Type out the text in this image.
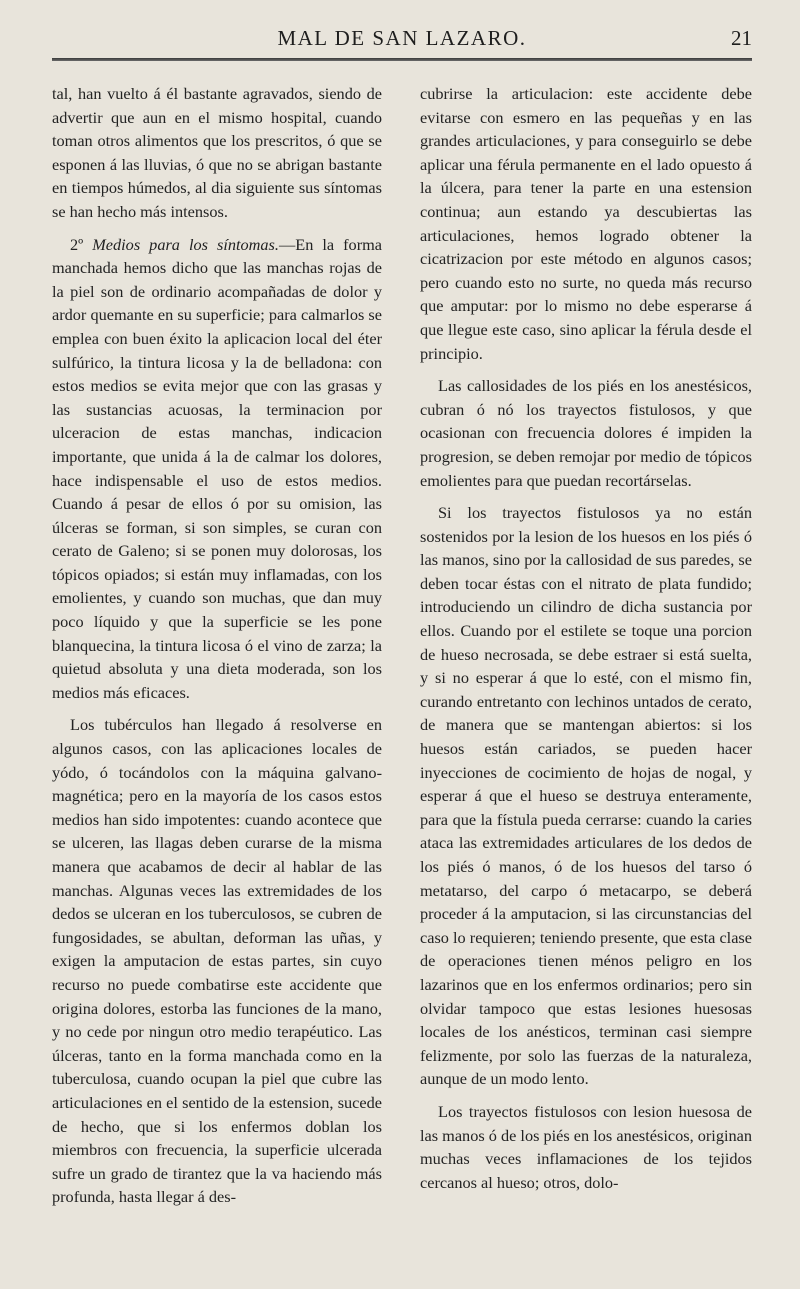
MAL DE SAN LAZARO.	21

tal, han vuelto á él bastante agravados, siendo de advertir que aun en el mismo hospital, cuando toman otros alimentos que los prescritos, ó que se esponen á las lluvias, ó que no se abrigan bastante en tiempos húmedos, al dia siguiente sus síntomas se han hecho más intensos.

2º Medios para los síntomas.—En la forma manchada hemos dicho que las manchas rojas de la piel son de ordinario acompañadas de dolor y ardor quemante en su superficie; para calmarlos se emplea con buen éxito la aplicacion local del éter sulfúrico, la tintura licosa y la de belladona: con estos medios se evita mejor que con las grasas y las sustancias acuosas, la terminacion por ulceracion de estas manchas, indicacion importante, que unida á la de calmar los dolores, hace indispensable el uso de estos medios. Cuando á pesar de ellos ó por su omision, las úlceras se forman, si son simples, se curan con cerato de Galeno; si se ponen muy dolorosas, los tópicos opiados; si están muy inflamadas, con los emolientes, y cuando son muchas, que dan muy poco líquido y que la superficie se les pone blanquecina, la tintura licosa ó el vino de zarza; la quietud absoluta y una dieta moderada, son los medios más eficaces.

Los tubérculos han llegado á resolverse en algunos casos, con las aplicaciones locales de yódo, ó tocándolos con la máquina galvano-magnética; pero en la mayoría de los casos estos medios han sido impotentes: cuando acontece que se ulceren, las llagas deben curarse de la misma manera que acabamos de decir al hablar de las manchas. Algunas veces las extremidades de los dedos se ulceran en los tuberculosos, se cubren de fungosidades, se abultan, deforman las uñas, y exigen la amputacion de estas partes, sin cuyo recurso no puede combatirse este accidente que origina dolores, estorba las funciones de la mano, y no cede por ningun otro medio terapéutico. Las úlceras, tanto en la forma manchada como en la tuberculosa, cuando ocupan la piel que cubre las articulaciones en el sentido de la estension, sucede de hecho, que si los enfermos doblan los miembros con frecuencia, la superficie ulcerada sufre un grado de tirantez que la va haciendo más profunda, hasta llegar á des-

cubrirse la articulacion: este accidente debe evitarse con esmero en las pequeñas y en las grandes articulaciones, y para conseguirlo se debe aplicar una férula permanente en el lado opuesto á la úlcera, para tener la parte en una estension continua; aun estando ya descubiertas las articulaciones, hemos logrado obtener la cicatrizacion por este método en algunos casos; pero cuando esto no surte, no queda más recurso que amputar: por lo mismo no debe esperarse á que llegue este caso, sino aplicar la férula desde el principio.

Las callosidades de los piés en los anestésicos, cubran ó nó los trayectos fistulosos, y que ocasionan con frecuencia dolores é impiden la progresion, se deben remojar por medio de tópicos emolientes para que puedan recortárselas.

Si los trayectos fistulosos ya no están sostenidos por la lesion de los huesos en los piés ó las manos, sino por la callosidad de sus paredes, se deben tocar éstas con el nitrato de plata fundido; introduciendo un cilindro de dicha sustancia por ellos. Cuando por el estilete se toque una porcion de hueso necrosada, se debe estraer si está suelta, y si no esperar á que lo esté, con el mismo fin, curando entretanto con lechinos untados de cerato, de manera que se mantengan abiertos: si los huesos están cariados, se pueden hacer inyecciones de cocimiento de hojas de nogal, y esperar á que el hueso se destruya enteramente, para que la fístula pueda cerrarse: cuando la caries ataca las extremidades articulares de los dedos de los piés ó manos, ó de los huesos del tarso ó metatarso, del carpo ó metacarpo, se deberá proceder á la amputacion, si las circunstancias del caso lo requieren; teniendo presente, que esta clase de operaciones tienen ménos peligro en los lazarinos que en los enfermos ordinarios; pero sin olvidar tampoco que estas lesiones huesosas locales de los anésticos, terminan casi siempre felizmente, por solo las fuerzas de la naturaleza, aunque de un modo lento.

Los trayectos fistulosos con lesion huesosa de las manos ó de los piés en los anestésicos, originan muchas veces inflamaciones de los tejidos cercanos al hueso; otros, dolo-
